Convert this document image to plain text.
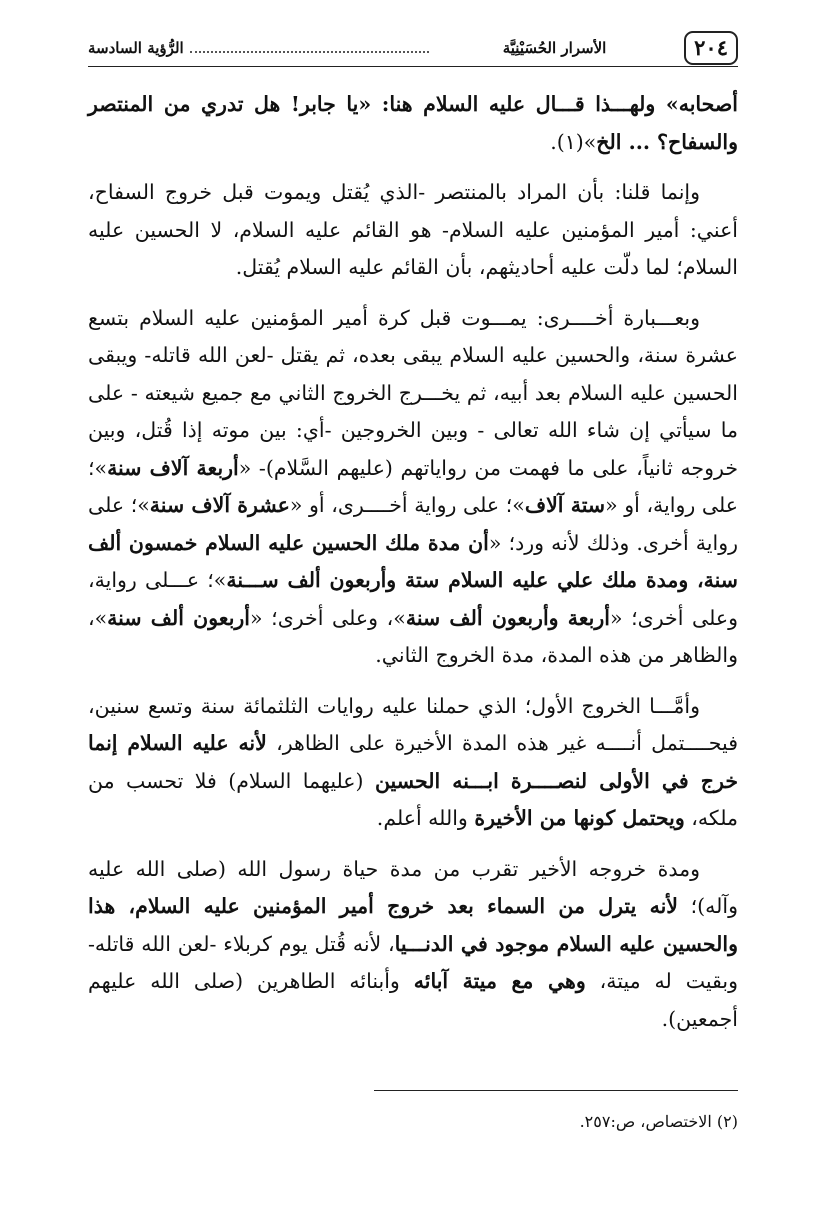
٢٠٤
الأسرار الحُسَيْنِيَّة
الرُّؤية السادسة

أصحابه» ولهـــذا قـــال عليه السلام هنا: «يا جابر! هل تدري من المنتصر والسفاح؟ ... الخ»(١).

وإنما قلنا: بأن المراد بالمنتصر -الذي يُقتل ويموت قبل خروج السفاح، أعني: أمير المؤمنين عليه السلام- هو القائم عليه السلام، لا الحسين عليه السلام؛ لما دلّت عليه أحاديثهم، بأن القائم عليه السلام يُقتل.

وبعـــبارة أخــــرى: يمـــوت قبل كرة أمير المؤمنين عليه السلام بتسع عشرة سنة، والحسين عليه السلام يبقى بعده، ثم يقتل -لعن الله قاتله- ويبقى الحسين عليه السلام بعد أبيه، ثم يخـــرج الخروج الثاني مع جميع شيعته - على ما سيأتي إن شاء الله تعالى - وبين الخروجين -أي: بين موته إذا قُتل، وبين خروجه ثانياً، على ما فهمت من رواياتهم (عليهم السَّلام)- «أربعة آلاف سنة»؛ على رواية، أو «ستة آلاف»؛ على رواية أخــــرى، أو «عشرة آلاف سنة»؛ على رواية أخرى. وذلك لأنه ورد؛ «أن مدة ملك الحسين عليه السلام خمسون ألف سنة، ومدة ملك علي عليه السلام ستة وأربعون ألف ســـنة»؛ عـــلى رواية، وعلى أخرى؛ «أربعة وأربعون ألف سنة»، وعلى أخرى؛ «أربعون ألف سنة»، والظاهر من هذه المدة، مدة الخروج الثاني.

وأمَّـــا الخروج الأول؛ الذي حملنا عليه روايات الثلثمائة سنة وتسع سنين، فيحــــتمل أنــــه غير هذه المدة الأخيرة على الظاهر، لأنه عليه السلام إنما خرج في الأولى لنصــــرة ابـــنه الحسين (عليهما السلام) فلا تحسب من ملكه، ويحتمل كونها من الأخيرة والله أعلم.

ومدة خروجه الأخير تقرب من مدة حياة رسول الله (صلى الله عليه وآله)؛ لأنه يترل من السماء بعد خروج أمير المؤمنين عليه السلام، هذا والحسين عليه السلام موجود في الدنـــيا، لأنه قُتل يوم كربلاء -لعن الله قاتله- وبقيت له ميتة، وهي مع ميتة آبائه وأبنائه الطاهرين (صلى الله عليهم أجمعين).

(٢) الاختصاص، ص:٢٥٧.
